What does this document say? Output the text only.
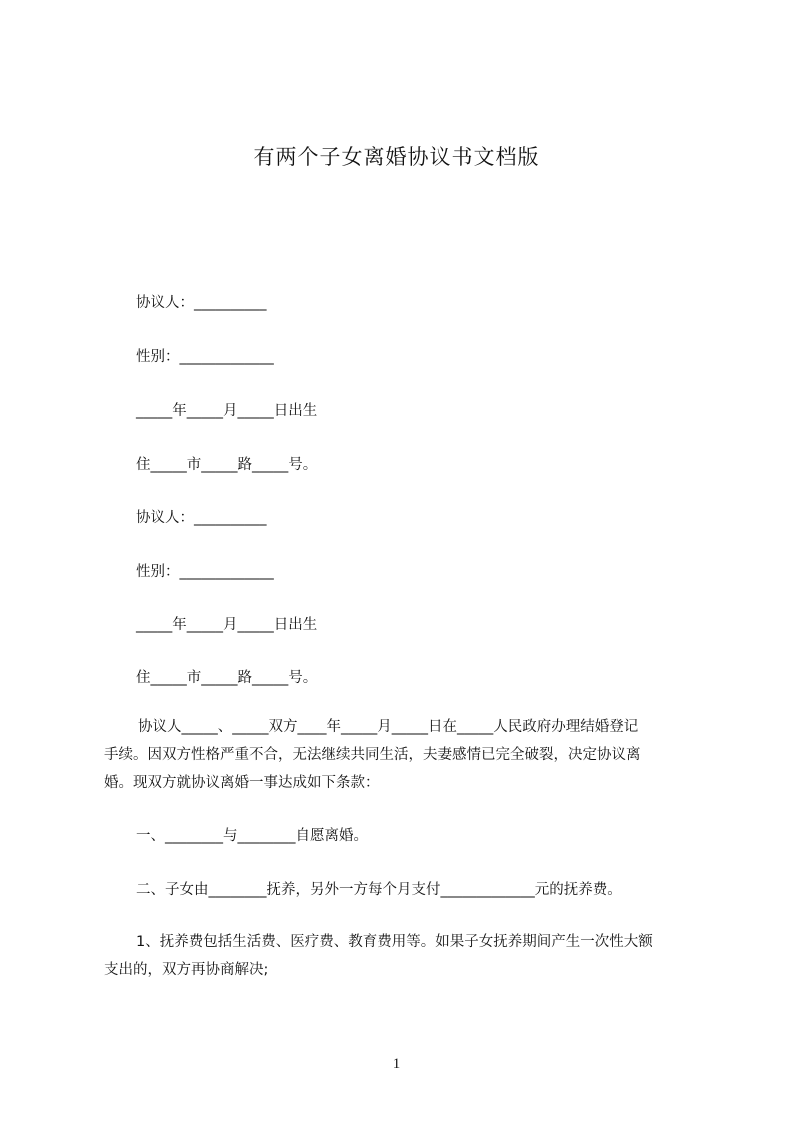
有两个子女离婚协议书文档版

协议人：__________

性别：_____________

_____年_____月_____日出生

住_____市_____路_____号。

协议人：__________

性别：_____________

_____年_____月_____日出生

住_____市_____路_____号。

协议人_____、_____双方____年_____月_____日在_____人民政府办理结婚登记
手续。因双方性格严重不合，无法继续共同生活，夫妻感情已完全破裂，决定协议离
婚。现双方就协议离婚一事达成如下条款：

一、________与________自愿离婚。

二、子女由________抚养，另外一方每个月支付_____________元的抚养费。

1、抚养费包括生活费、医疗费、教育费用等。如果子女抚养期间产生一次性大额
支出的，双方再协商解决;
1
